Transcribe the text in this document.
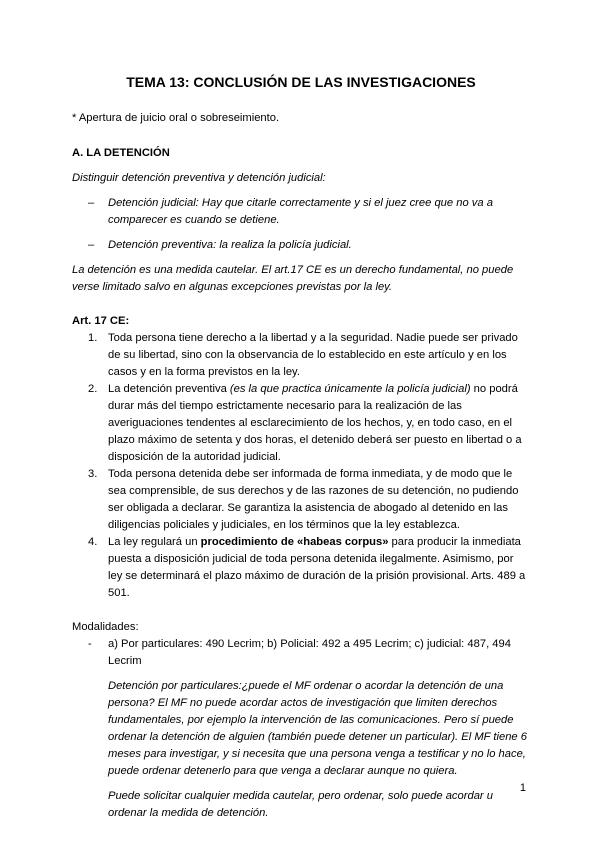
TEMA 13: CONCLUSIÓN DE LAS INVESTIGACIONES

* Apertura de juicio oral o sobreseimiento.

A. LA DETENCIÓN

Distinguir detención preventiva y detención judicial:

–	Detención judicial: Hay que citarle correctamente y si el juez cree que no va a comparecer es cuando se detiene.
–	Detención preventiva: la realiza la policía judicial.

La detención es una medida cautelar. El art.17 CE es un derecho fundamental, no puede verse limitado salvo en algunas excepciones previstas por la ley.

Art. 17 CE:

1. Toda persona tiene derecho a la libertad y a la seguridad. Nadie puede ser privado de su libertad, sino con la observancia de lo establecido en este artículo y en los casos y en la forma previstos en la ley.
2. La detención preventiva (es la que practica únicamente la policía judicial) no podrá durar más del tiempo estrictamente necesario para la realización de las averiguaciones tendentes al esclarecimiento de los hechos, y, en todo caso, en el plazo máximo de setenta y dos horas, el detenido deberá ser puesto en libertad o a disposición de la autoridad judicial.
3. Toda persona detenida debe ser informada de forma inmediata, y de modo que le sea comprensible, de sus derechos y de las razones de su detención, no pudiendo ser obligada a declarar. Se garantiza la asistencia de abogado al detenido en las diligencias policiales y judiciales, en los términos que la ley establezca.
4. La ley regulará un procedimiento de «habeas corpus» para producir la inmediata puesta a disposición judicial de toda persona detenida ilegalmente. Asimismo, por ley se determinará el plazo máximo de duración de la prisión provisional. Arts. 489 a 501.

Modalidades:

-	a) Por particulares: 490 Lecrim; b) Policial: 492 a 495 Lecrim; c) judicial: 487, 494 Lecrim

Detención por particulares:¿puede el MF ordenar o acordar la detención de una persona? El MF no puede acordar actos de investigación que limiten derechos fundamentales, por ejemplo la intervención de las comunicaciones. Pero sí puede ordenar la detención de alguien (también puede detener un particular). El MF tiene 6 meses para investigar, y si necesita que una persona venga a testificar y no lo hace, puede ordenar detenerlo para que venga a declarar aunque no quiera.

Puede solicitar cualquier medida cautelar, pero ordenar, solo puede acordar u ordenar la medida de detención.

1
